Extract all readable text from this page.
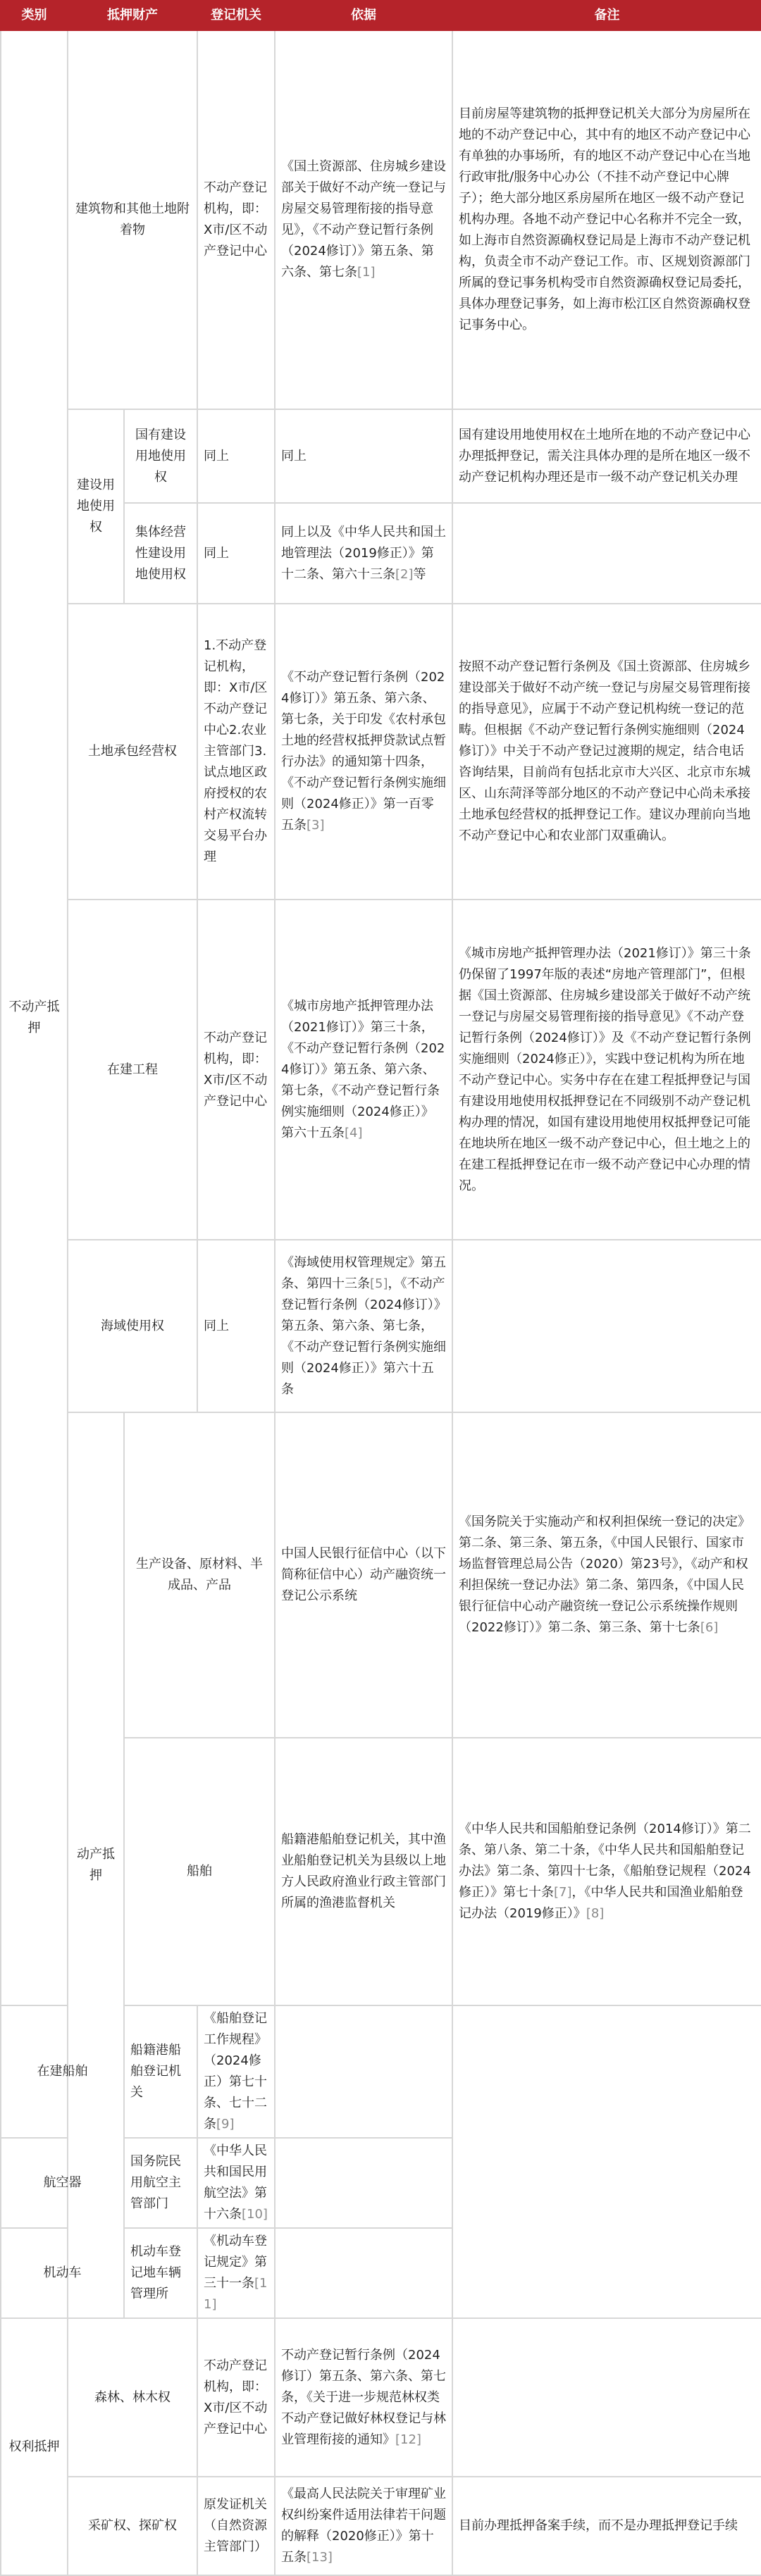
类别	抵押财产		登记机关	依据	备注	
不动产抵押	建筑物和其他土地附着物		不动产登记机构，即：X市/区不动产登记中心	《国土资源部、住房城乡建设部关于做好不动产统一登记与房屋交易管理衔接的指导意见》，《不动产登记暂行条例（2024修订）》第五条、第六条、第七条[1]	目前房屋等建筑物的抵押登记机关大部分为房屋所在地的不动产登记中心，其中有的地区不动产登记中心有单独的办事场所，有的地区不动产登记中心在当地行政审批/服务中心办公（不挂不动产登记中心牌子）；绝大部分地区系房屋所在地区一级不动产登记机构办理。各地不动产登记中心名称并不完全一致，如上海市自然资源确权登记局是上海市不动产登记机构，负责全市不动产登记工作。市、区规划资源部门所属的登记事务机构受市自然资源确权登记局委托，具体办理登记事务，如上海市松江区自然资源确权登记事务中心。	
	建设用地使用权	国有建设用地使用权	同上	同上	国有建设用地使用权在土地所在地的不动产登记中心办理抵押登记，需关注具体办理的是所在地区一级不动产登记机构办理还是市一级不动产登记机关办理	
		集体经营性建设用地使用权	同上	同上以及《中华人民共和国土地管理法（2019修正）》第十二条、第六十三条[2]等		
	土地承包经营权		1.不动产登记机构，即：X市/区不动产登记中心2.农业主管部门3.试点地区政府授权的农村产权流转交易平台办理	《不动产登记暂行条例（2024修订）》第五条、第六条、第七条，关于印发《农村承包土地的经营权抵押贷款试点暂行办法》的通知第十四条，《不动产登记暂行条例实施细则（2024修正）》第一百零五条[3]	按照不动产登记暂行条例及《国土资源部、住房城乡建设部关于做好不动产统一登记与房屋交易管理衔接的指导意见》，应属于不动产登记机构统一登记的范畴。但根据《不动产登记暂行条例实施细则（2024修订）》中关于不动产登记过渡期的规定，结合电话咨询结果，目前尚有包括北京市大兴区、北京市东城区、山东菏泽等部分地区的不动产登记中心尚未承接土地承包经营权的抵押登记工作。建议办理前向当地不动产登记中心和农业部门双重确认。	
	在建工程		不动产登记机构，即：X市/区不动产登记中心	《城市房地产抵押管理办法（2021修订）》第三十条，《不动产登记暂行条例（2024修订）》第五条、第六条、第七条，《不动产登记暂行条例实施细则（2024修正）》第六十五条[4]	《城市房地产抵押管理办法（2021修订）》第三十条仍保留了1997年版的表述“房地产管理部门”，但根据《国土资源部、住房城乡建设部关于做好不动产统一登记与房屋交易管理衔接的指导意见》《不动产登记暂行条例（2024修订）》及《不动产登记暂行条例实施细则（2024修正）》，实践中登记机构为所在地不动产登记中心。实务中存在在建工程抵押登记与国有建设用地使用权抵押登记在不同级别不动产登记机构办理的情况，如国有建设用地使用权抵押登记可能在地块所在地区一级不动产登记中心，但土地之上的在建工程抵押登记在市一级不动产登记中心办理的情况。	
	海域使用权		同上	《海域使用权管理规定》第五条、第四十三条[5]，《不动产登记暂行条例（2024修订）》第五条、第六条、第七条，《不动产登记暂行条例实施细则（2024修正）》第六十五条		
	动产抵押	生产设备、原材料、半成品、产品		中国人民银行征信中心（以下简称征信中心）动产融资统一登记公示系统	《国务院关于实施动产和权利担保统一登记的决定》第二条、第三条、第五条，《中国人民银行、国家市场监督管理总局公告（2020）第23号》，《动产和权利担保统一登记办法》第二条、第四条，《中国人民银行征信中心动产融资统一登记公示系统操作规则（2022修订）》第二条、第三条、第十七条[6]	
		船舶		船籍港船舶登记机关，其中渔业船舶登记机关为县级以上地方人民政府渔业行政主管部门所属的渔港监督机关	《中华人民共和国船舶登记条例（2014修订）》第二条、第八条、第二十条，《中华人民共和国船舶登记办法》第二条、第四十七条，《船舶登记规程（2024修正）》第七十条[7]，《中华人民共和国渔业船舶登记办法（2019修正）》[8]	
在建船舶		船籍港船舶登记机关	《船舶登记工作规程》（2024修正）第七十条、七十二条[9]			
航空器		国务院民用航空主管部门	《中华人民共和国民用航空法》第十六条[10]			
机动车		机动车登记地车辆管理所	《机动车登记规定》第三十一条[11]			
权利抵押	森林、林木权		不动产登记机构，即：X市/区不动产登记中心	不动产登记暂行条例（2024修订）第五条、第六条、第七条，《关于进一步规范林权类不动产登记做好林权登记与林业管理衔接的通知》[12]		
	采矿权、探矿权		原发证机关（自然资源主管部门）	《最高人民法院关于审理矿业权纠纷案件适用法律若干问题的解释（2020修正）》第十五条[13]	目前办理抵押备案手续，而不是办理抵押登记手续	
